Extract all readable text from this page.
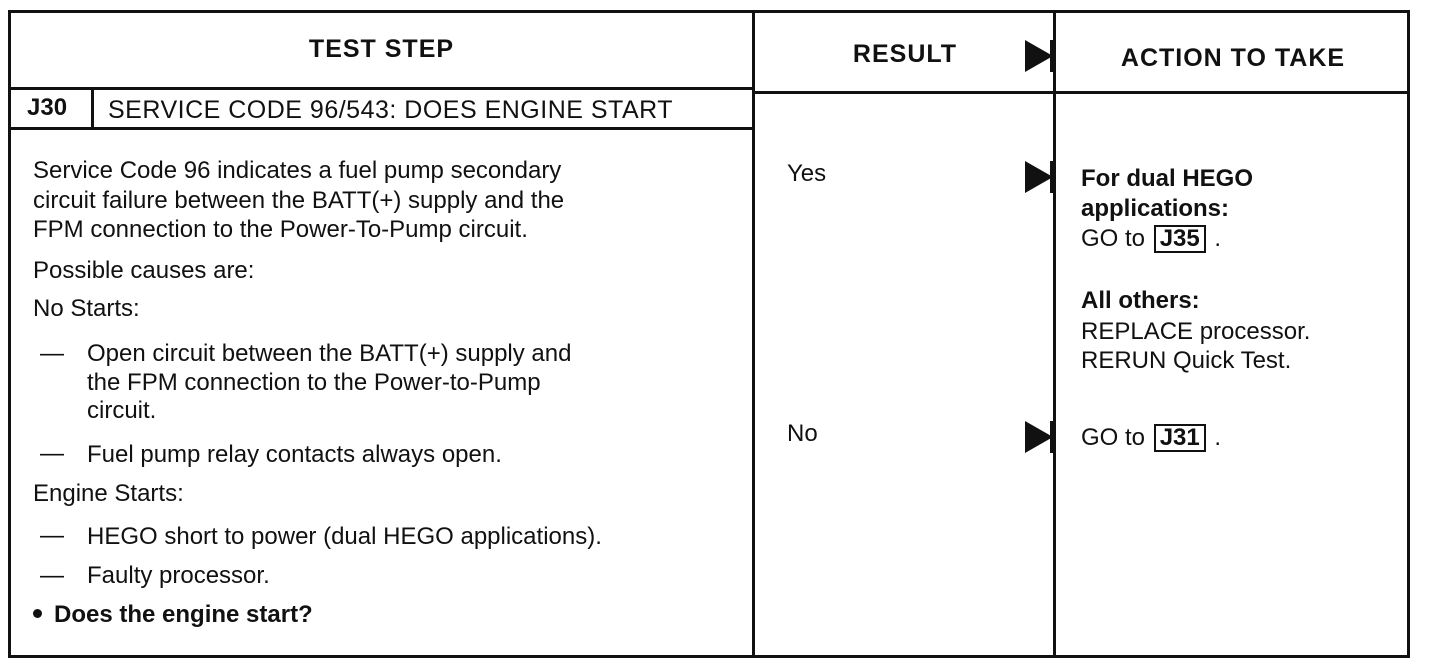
TEST STEP	RESULT	ACTION TO TAKE
J30 SERVICE CODE 96/543: DOES ENGINE START
Service Code 96 indicates a fuel pump secondary
circuit failure between the BATT(+) supply and the
FPM connection to the Power-To-Pump circuit.
Possible causes are:
No Starts:
— Open circuit between the BATT(+) supply and
the FPM connection to the Power-to-Pump
circuit.
— Fuel pump relay contacts always open.
Engine Starts:
— HEGO short to power (dual HEGO applications).
— Faulty processor.
Does the engine start?
Yes
No
For dual HEGO
applications:
GO to J35 .
All others:
REPLACE processor.
RERUN Quick Test.
GO to J31 .
